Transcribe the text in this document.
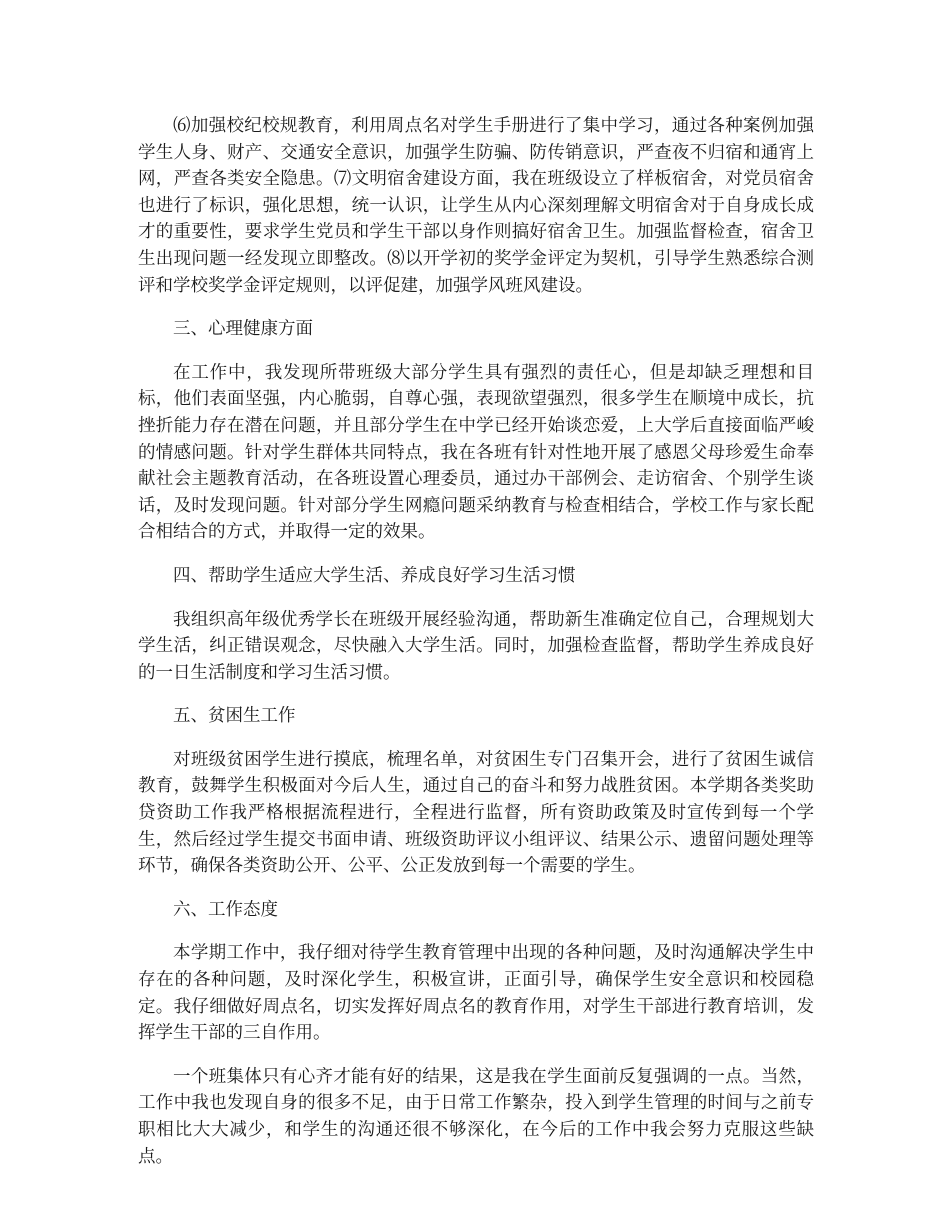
⑹加强校纪校规教育，利用周点名对学生手册进行了集中学习，通过各种案例加强学生人身、财产、交通安全意识，加强学生防骗、防传销意识，严查夜不归宿和通宵上网，严查各类安全隐患。⑺文明宿舍建设方面，我在班级设立了样板宿舍，对党员宿舍也进行了标识，强化思想，统一认识，让学生从内心深刻理解文明宿舍对于自身成长成才的重要性，要求学生党员和学生干部以身作则搞好宿舍卫生。加强监督检查，宿舍卫生出现问题一经发现立即整改。⑻以开学初的奖学金评定为契机，引导学生熟悉综合测评和学校奖学金评定规则，以评促建，加强学风班风建设。

三、心理健康方面

在工作中，我发现所带班级大部分学生具有强烈的责任心，但是却缺乏理想和目标，他们表面坚强，内心脆弱，自尊心强，表现欲望强烈，很多学生在顺境中成长，抗挫折能力存在潜在问题，并且部分学生在中学已经开始谈恋爱，上大学后直接面临严峻的情感问题。针对学生群体共同特点，我在各班有针对性地开展了感恩父母珍爱生命奉献社会主题教育活动，在各班设置心理委员，通过办干部例会、走访宿舍、个别学生谈话，及时发现问题。针对部分学生网瘾问题采纳教育与检查相结合，学校工作与家长配合相结合的方式，并取得一定的效果。

四、帮助学生适应大学生活、养成良好学习生活习惯

我组织高年级优秀学长在班级开展经验沟通，帮助新生准确定位自己，合理规划大学生活，纠正错误观念，尽快融入大学生活。同时，加强检查监督，帮助学生养成良好的一日生活制度和学习生活习惯。

五、贫困生工作

对班级贫困学生进行摸底，梳理名单，对贫困生专门召集开会，进行了贫困生诚信教育，鼓舞学生积极面对今后人生，通过自己的奋斗和努力战胜贫困。本学期各类奖助贷资助工作我严格根据流程进行，全程进行监督，所有资助政策及时宣传到每一个学生，然后经过学生提交书面申请、班级资助评议小组评议、结果公示、遗留问题处理等环节，确保各类资助公开、公平、公正发放到每一个需要的学生。

六、工作态度

本学期工作中，我仔细对待学生教育管理中出现的各种问题，及时沟通解决学生中存在的各种问题，及时深化学生，积极宣讲，正面引导，确保学生安全意识和校园稳定。我仔细做好周点名，切实发挥好周点名的教育作用，对学生干部进行教育培训，发挥学生干部的三自作用。

一个班集体只有心齐才能有好的结果，这是我在学生面前反复强调的一点。当然，工作中我也发现自身的很多不足，由于日常工作繁杂，投入到学生管理的时间与之前专职相比大大减少，和学生的沟通还很不够深化，在今后的工作中我会努力克服这些缺点。
